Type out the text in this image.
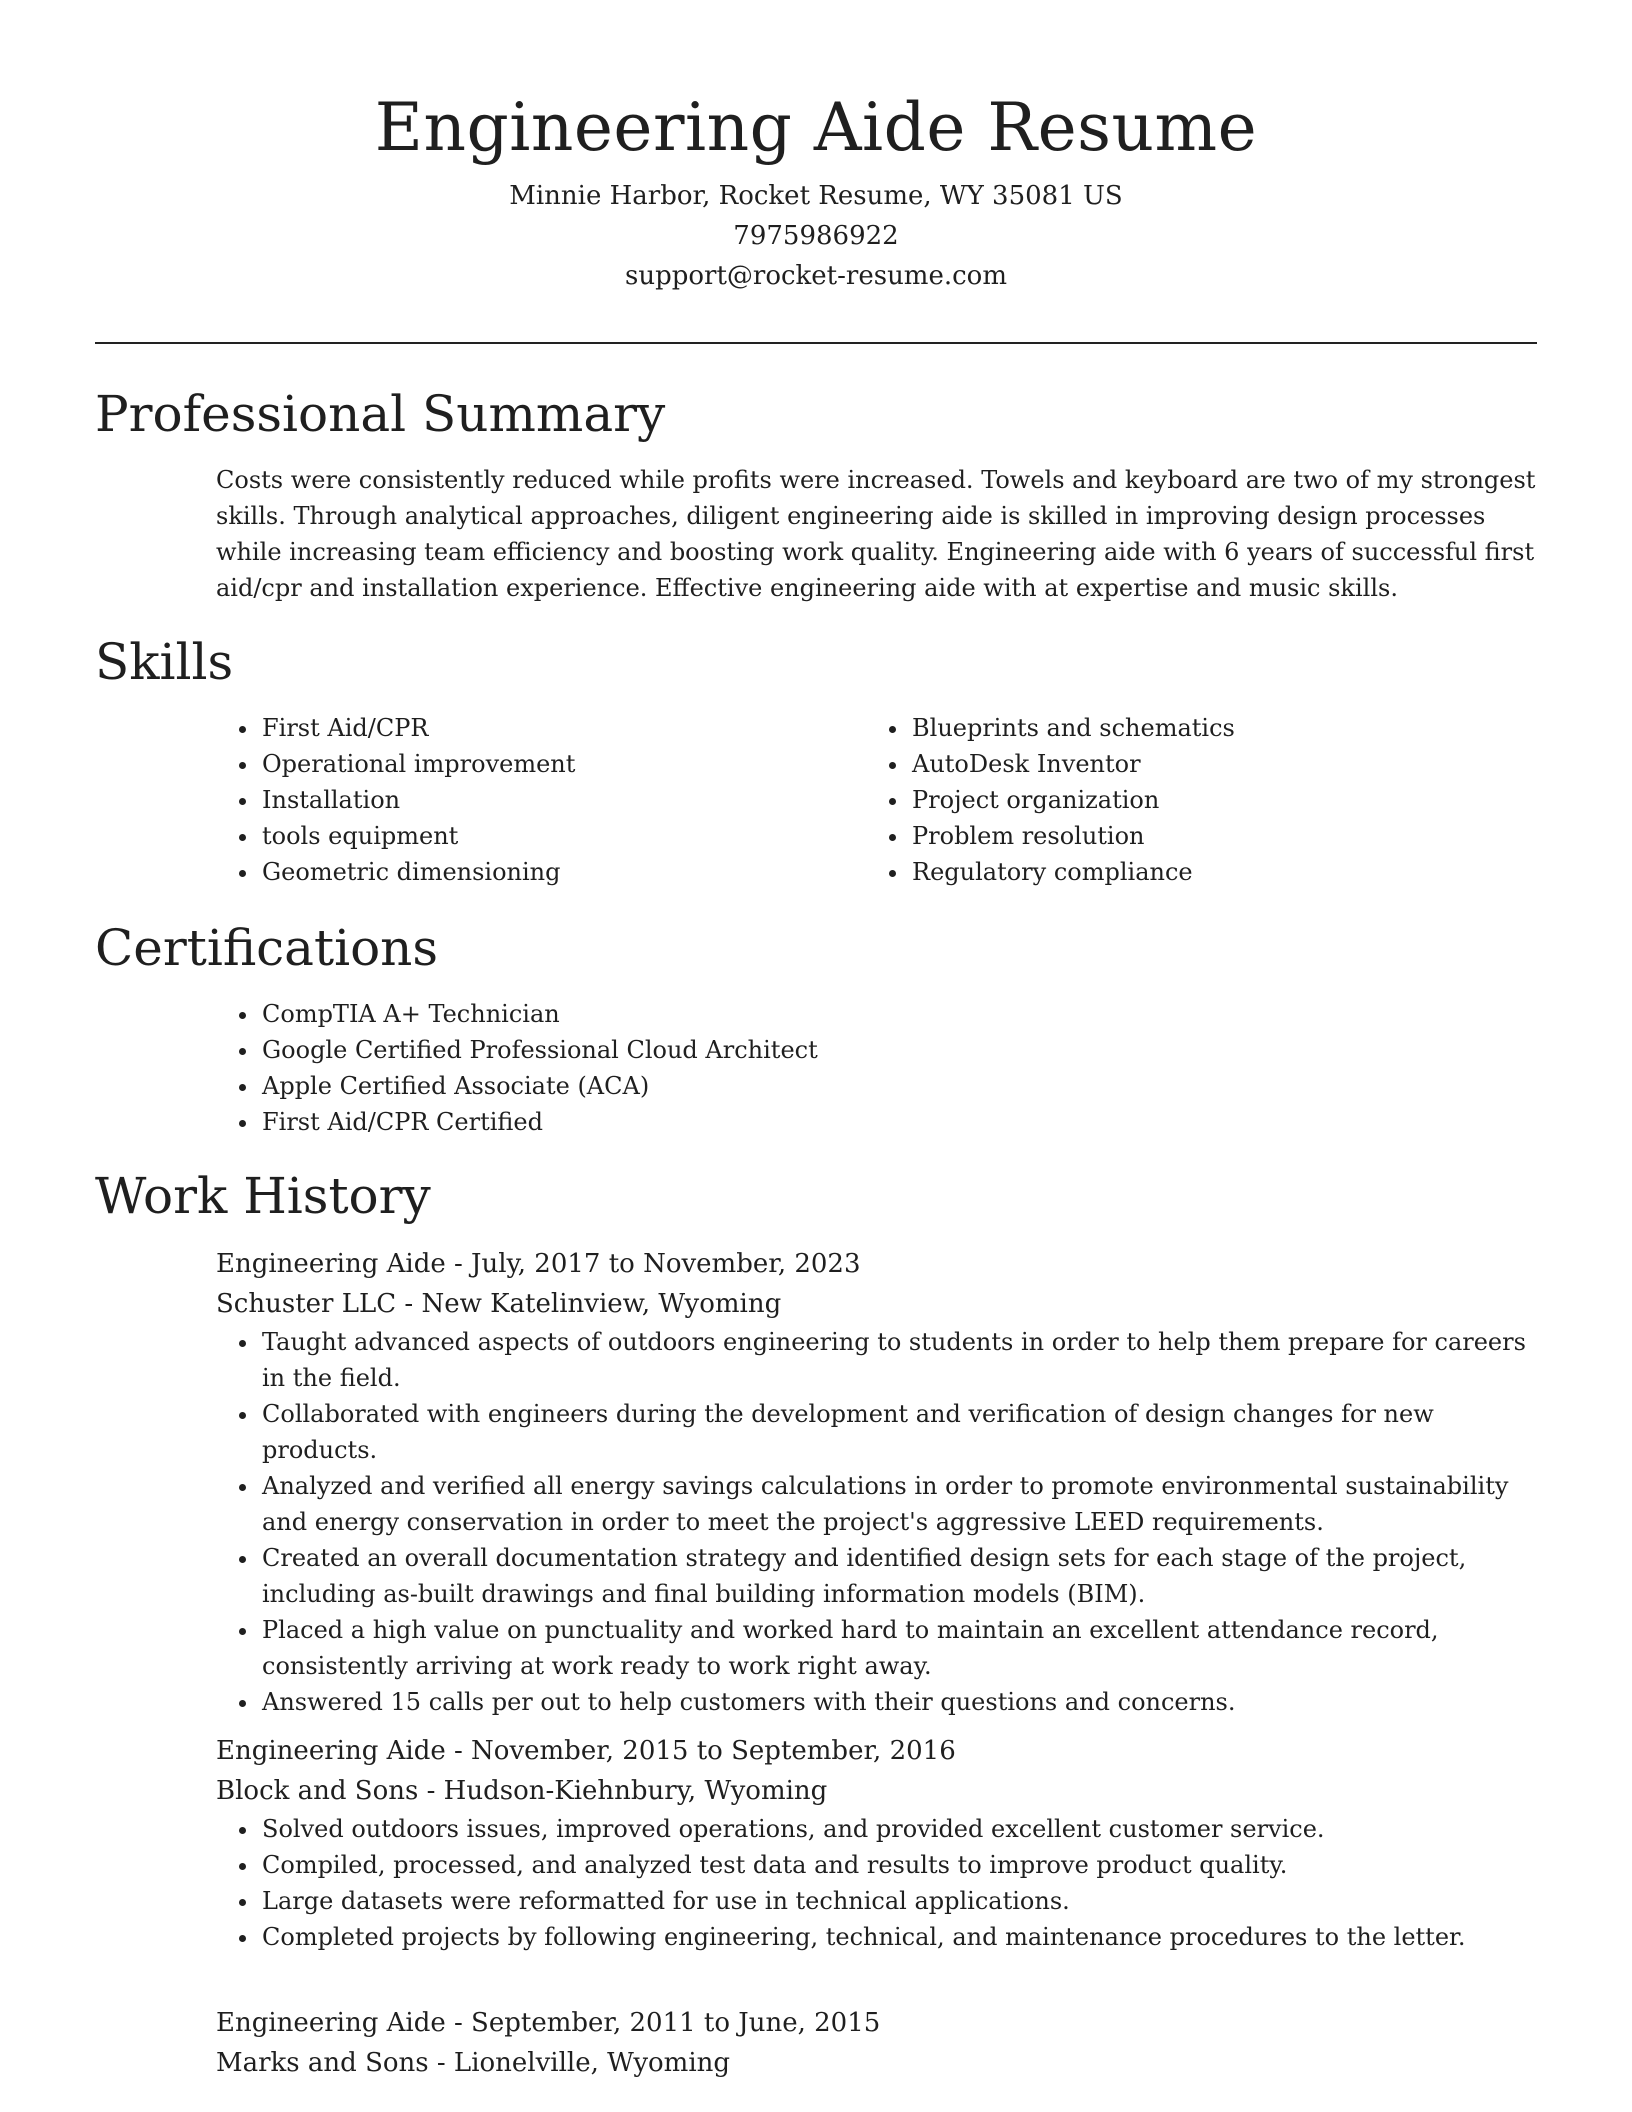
Engineering Aide Resume

Minnie Harbor, Rocket Resume, WY 35081 US

7975986922

support@rocket-resume.com

Professional Summary

Costs were consistently reduced while profits were increased. Towels and keyboard are two of my strongest skills. Through analytical approaches, diligent engineering aide is skilled in improving design processes while increasing team efficiency and boosting work quality. Engineering aide with 6 years of successful first aid/cpr and installation experience. Effective engineering aide with at expertise and music skills.

Skills
• First Aid/CPR
• Operational improvement
• Installation
• tools equipment
• Geometric dimensioning
• Blueprints and schematics
• AutoDesk Inventor
• Project organization
• Problem resolution
• Regulatory compliance
Certifications
• CompTIA A+ Technician
• Google Certified Professional Cloud Architect
• Apple Certified Associate (ACA)
• First Aid/CPR Certified
Work History

Engineering Aide - July, 2017 to November, 2023

Schuster LLC - New Katelinview, Wyoming

• Taught advanced aspects of outdoors engineering to students in order to help them prepare for careers in the field.
• Collaborated with engineers during the development and verification of design changes for new products.
• Analyzed and verified all energy savings calculations in order to promote environmental sustainability and energy conservation in order to meet the project's aggressive LEED requirements.
• Created an overall documentation strategy and identified design sets for each stage of the project, including as-built drawings and final building information models (BIM).
• Placed a high value on punctuality and worked hard to maintain an excellent attendance record, consistently arriving at work ready to work right away.
• Answered 15 calls per out to help customers with their questions and concerns.

Engineering Aide - November, 2015 to September, 2016

Block and Sons - Hudson-Kiehnbury, Wyoming

• Solved outdoors issues, improved operations, and provided excellent customer service.
• Compiled, processed, and analyzed test data and results to improve product quality.
• Large datasets were reformatted for use in technical applications.
• Completed projects by following engineering, technical, and maintenance procedures to the letter.

Engineering Aide - September, 2011 to June, 2015

Marks and Sons - Lionelville, Wyoming
